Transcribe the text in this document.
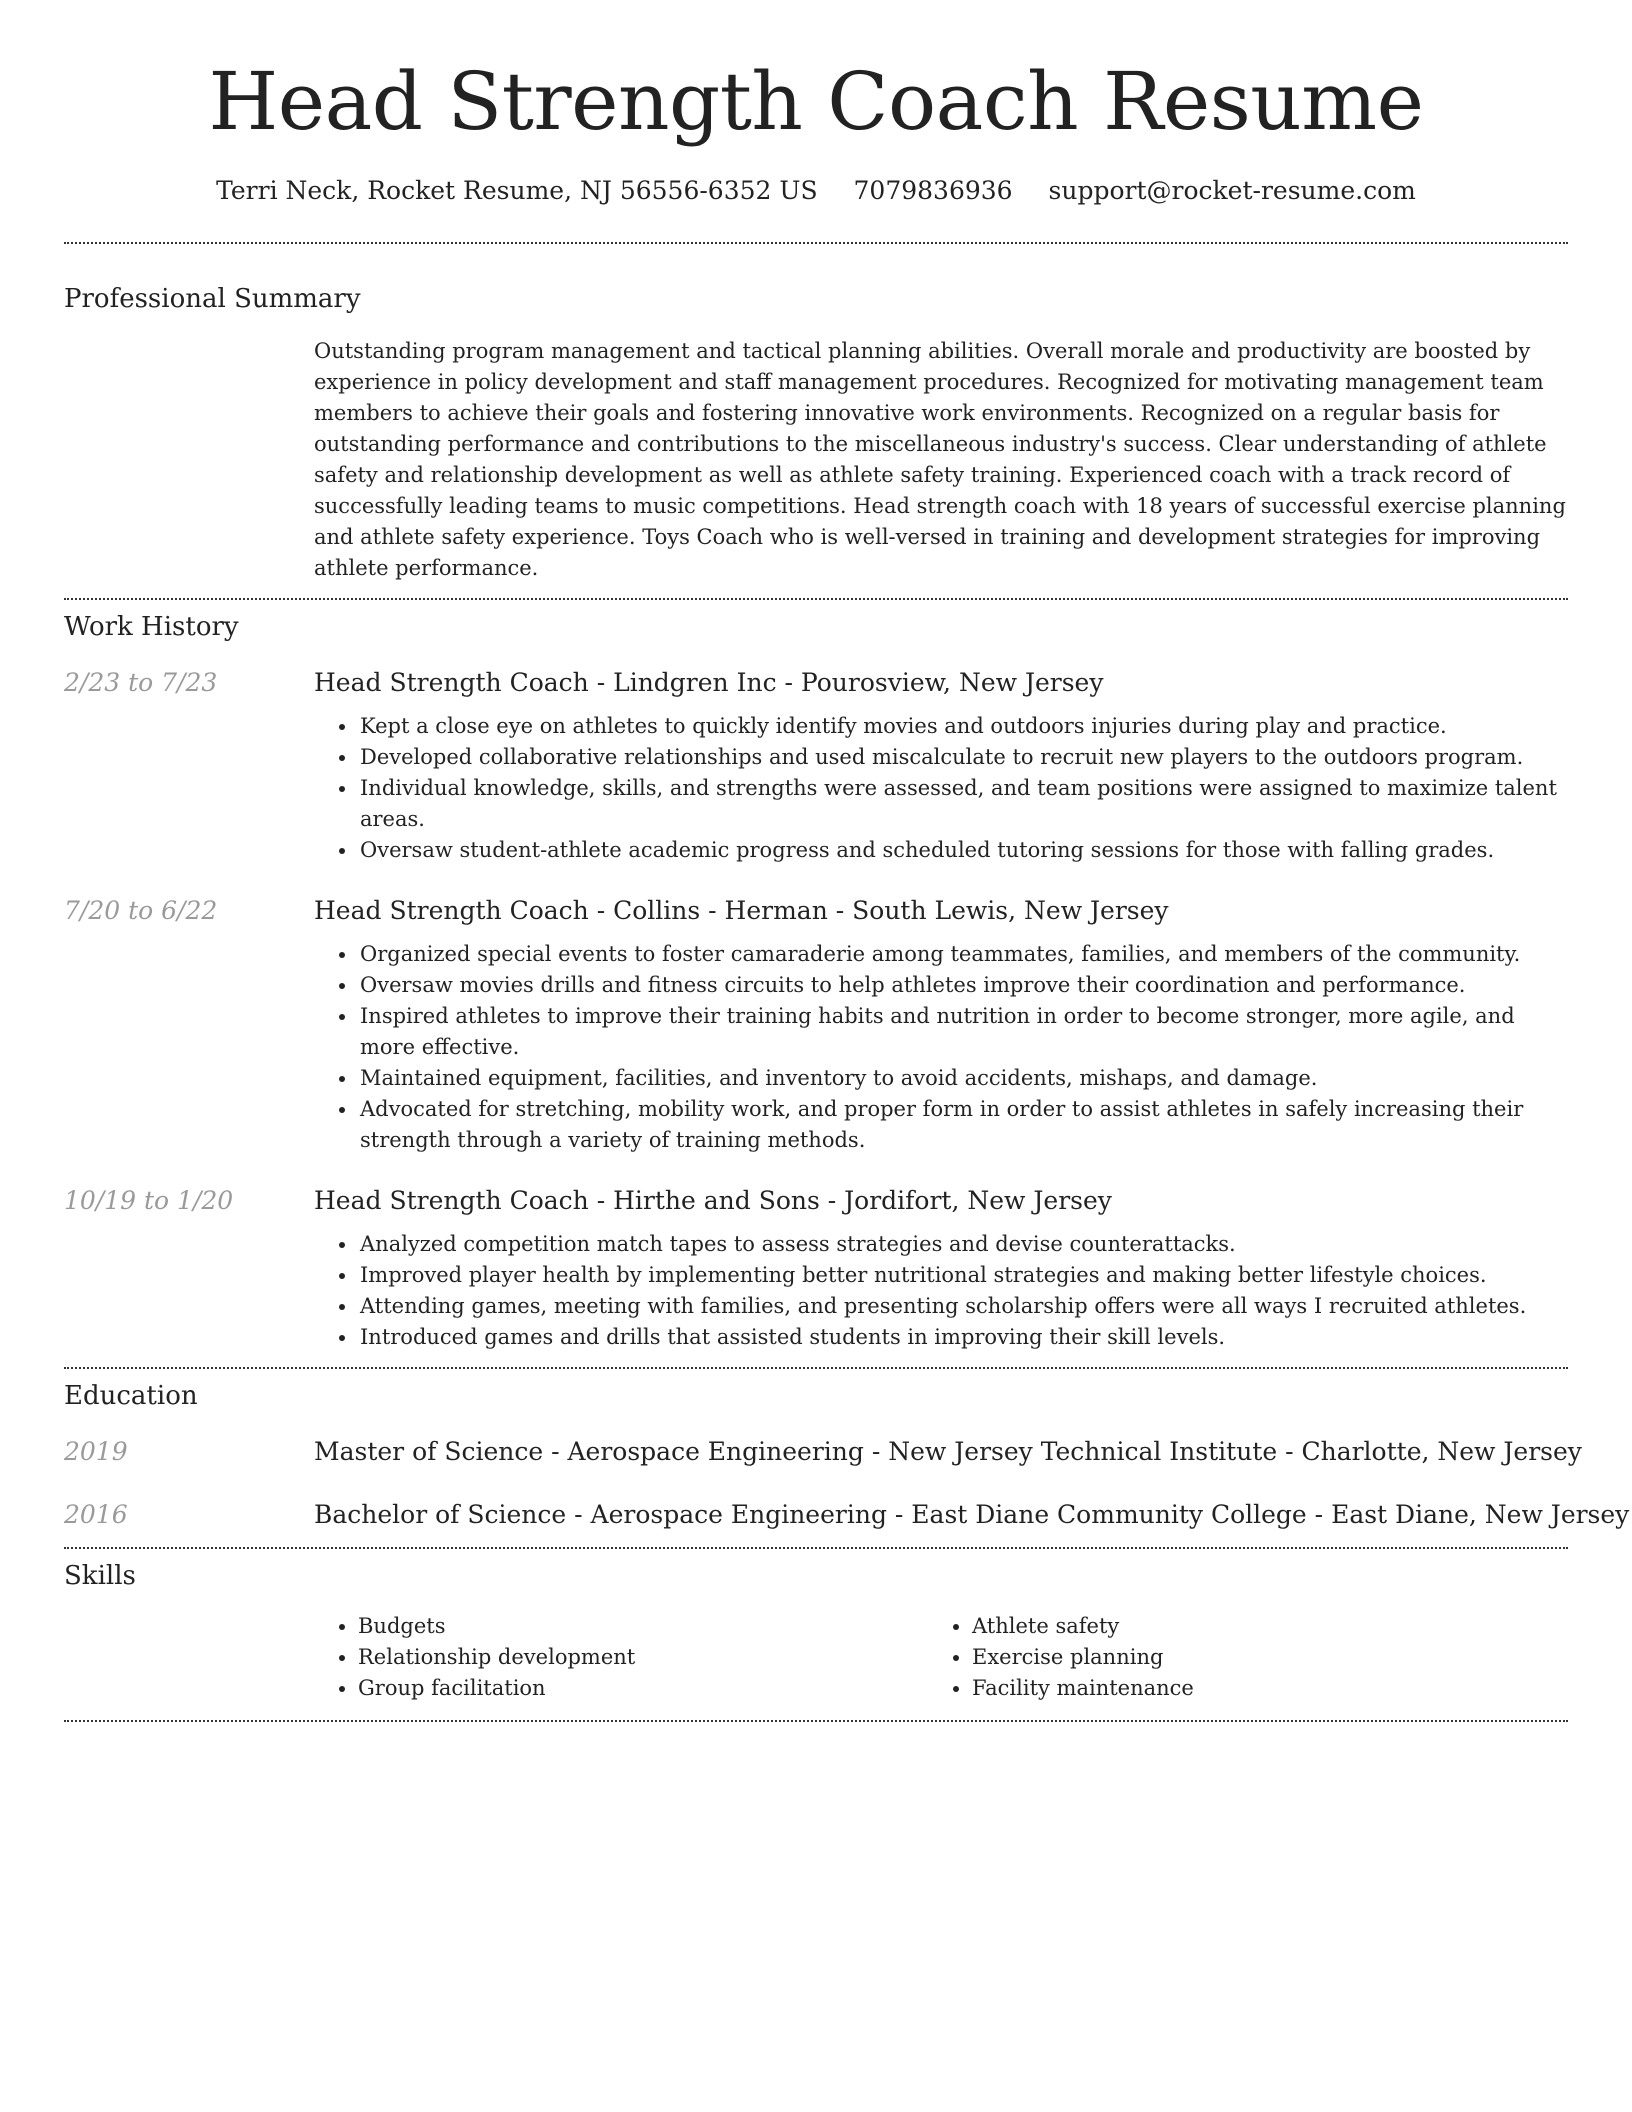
Head Strength Coach Resume
Terri Neck, Rocket Resume, NJ 56556-6352 US 7079836936 support@rocket-resume.com
Professional Summary

Outstanding program management and tactical planning abilities. Overall morale and productivity are boosted by experience in policy development and staff management procedures. Recognized for motivating management team members to achieve their goals and fostering innovative work environments. Recognized on a regular basis for outstanding performance and contributions to the miscellaneous industry's success. Clear understanding of athlete safety and relationship development as well as athlete safety training. Experienced coach with a track record of successfully leading teams to music competitions. Head strength coach with 18 years of successful exercise planning and athlete safety experience. Toys Coach who is well-versed in training and development strategies for improving athlete performance.

Work History
2/23 to 7/23	Head Strength Coach - Lindgren Inc - Pourosview, New Jersey
• Kept a close eye on athletes to quickly identify movies and outdoors injuries during play and practice.
• Developed collaborative relationships and used miscalculate to recruit new players to the outdoors program.
• Individual knowledge, skills, and strengths were assessed, and team positions were assigned to maximize talent areas.
• Oversaw student-athlete academic progress and scheduled tutoring sessions for those with falling grades.
7/20 to 6/22	Head Strength Coach - Collins - Herman - South Lewis, New Jersey
• Organized special events to foster camaraderie among teammates, families, and members of the community.
• Oversaw movies drills and fitness circuits to help athletes improve their coordination and performance.
• Inspired athletes to improve their training habits and nutrition in order to become stronger, more agile, and more effective.
• Maintained equipment, facilities, and inventory to avoid accidents, mishaps, and damage.
• Advocated for stretching, mobility work, and proper form in order to assist athletes in safely increasing their strength through a variety of training methods.
10/19 to 1/20	Head Strength Coach - Hirthe and Sons - Jordifort, New Jersey
• Analyzed competition match tapes to assess strategies and devise counterattacks.
• Improved player health by implementing better nutritional strategies and making better lifestyle choices.
• Attending games, meeting with families, and presenting scholarship offers were all ways I recruited athletes.
• Introduced games and drills that assisted students in improving their skill levels.
Education
2019	Master of Science - Aerospace Engineering - New Jersey Technical Institute - Charlotte, New Jersey
2016	Bachelor of Science - Aerospace Engineering - East Diane Community College - East Diane, New Jersey
Skills
• Budgets
• Relationship development
• Group facilitation
• Athlete safety
• Exercise planning
• Facility maintenance
